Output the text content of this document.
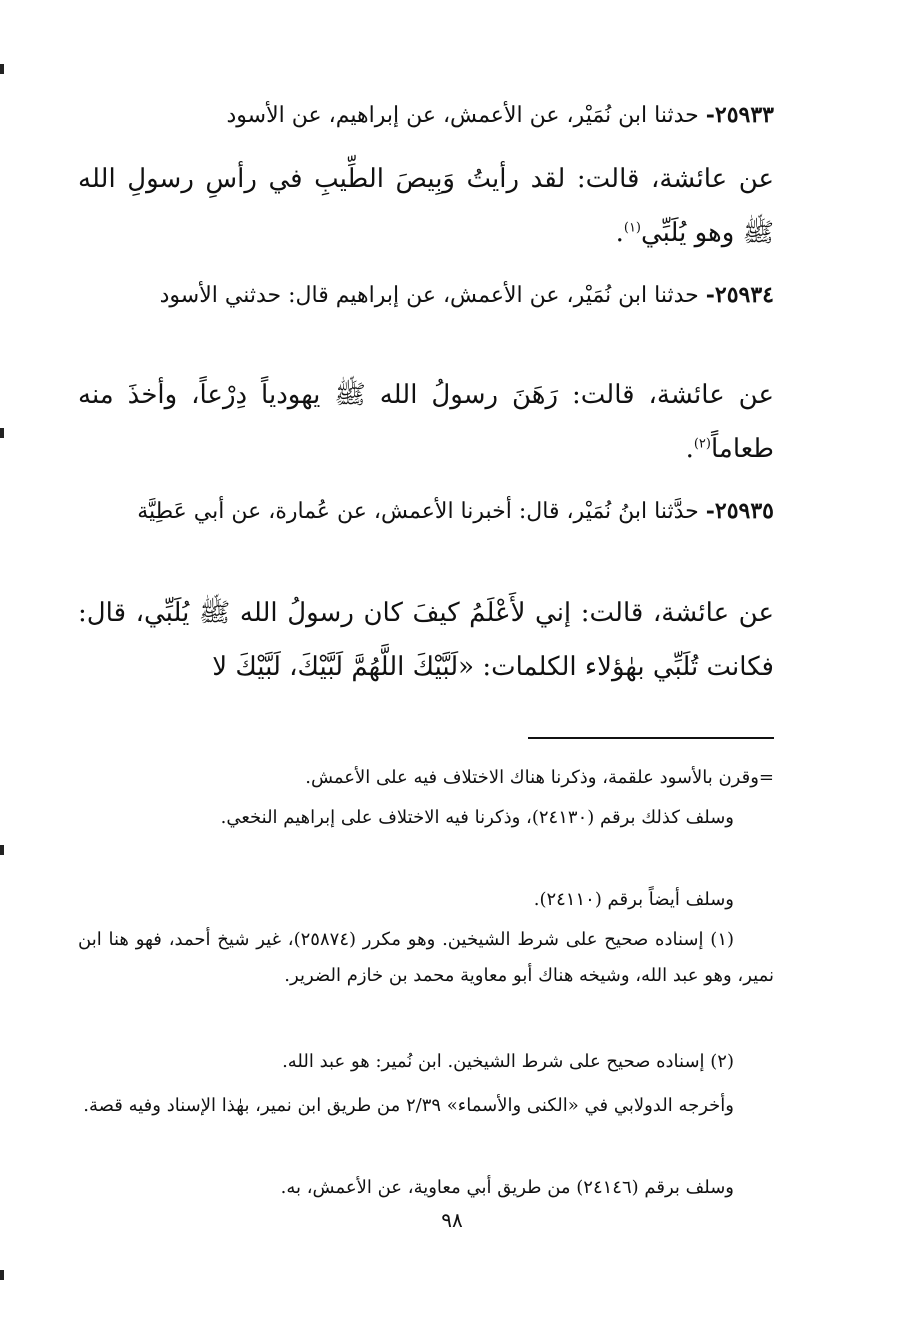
٢٥٩٣٣- حدثنا ابن نُمَيْر، عن الأعمش، عن إبراهيم، عن الأسود
عن عائشة، قالت: لقد رأيتُ وَبِيصَ الطِّيبِ في رأسِ رسولِ الله ﷺ وهو يُلَبِّي$^{(١)}$.
٢٥٩٣٤- حدثنا ابن نُمَيْر، عن الأعمش، عن إبراهيم قال: حدثني الأسود
عن عائشة، قالت: رَهَنَ رسولُ الله ﷺ يهودياً دِرْعاً، وأخذَ منه طعاماً$^{(٢)}$.
٢٥٩٣٥- حدَّثنا ابنُ نُمَيْر، قال: أخبرنا الأعمش، عن عُمارة، عن أبي عَطِيَّة
عن عائشة، قالت: إني لأَعْلَمُ كيفَ كان رسولُ الله ﷺ يُلَبِّي، قال: فكانت تُلَبِّي بهٰؤلاء الكلمات: «لَبَّيْكَ اللَّهُمَّ لَبَّيْكَ، لَبَّيْكَ لا
=وقرن بالأسود علقمة، وذكرنا هناك الاختلاف فيه على الأعمش.
وسلف كذلك برقم (٢٤١٣٠)، وذكرنا فيه الاختلاف على إبراهيم النخعي.
وسلف أيضاً برقم (٢٤١١٠).
(١) إسناده صحيح على شرط الشيخين. وهو مكرر (٢٥٨٧٤)، غير شيخ أحمد، فهو هنا ابن نمير، وهو عبد الله، وشيخه هناك أبو معاوية محمد بن خازم الضرير.
(٢) إسناده صحيح على شرط الشيخين. ابن نُمير: هو عبد الله.
وأخرجه الدولابي في «الكنى والأسماء» ٢/٣٩ من طريق ابن نمير، بهٰذا الإسناد وفيه قصة.
وسلف برقم (٢٤١٤٦) من طريق أبي معاوية، عن الأعمش، به.
٩٨
